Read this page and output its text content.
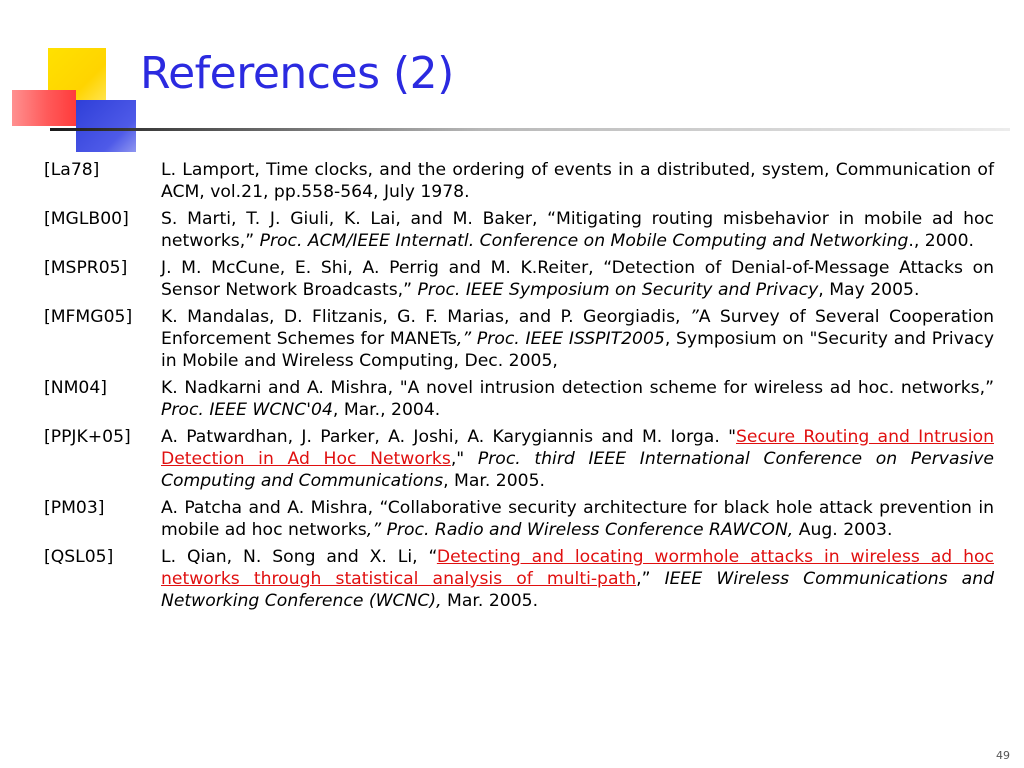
References (2)
[La78]	L. Lamport, Time clocks, and the ordering of events in a distributed, system, Communication of ACM, vol.21, pp.558-564, July 1978.
[MGLB00]	S. Marti, T. J. Giuli, K. Lai, and M. Baker, “Mitigating routing misbehavior in mobile ad hoc networks,” Proc. ACM/IEEE Internatl. Conference on Mobile Computing and Networking., 2000.
[MSPR05]	J. M. McCune, E. Shi, A. Perrig and M. K.Reiter, “Detection of Denial-of-Message Attacks on Sensor Network Broadcasts,” Proc. IEEE Symposium on Security and Privacy, May 2005.
[MFMG05]	K. Mandalas, D. Flitzanis, G. F. Marias, and P. Georgiadis, ”A Survey of Several Cooperation Enforcement Schemes for MANETs,” Proc. IEEE ISSPIT2005, Symposium on "Security and Privacy in Mobile and Wireless Computing, Dec. 2005,
[NM04]	K. Nadkarni and A. Mishra, "A novel intrusion detection scheme for wireless ad hoc. networks,” Proc. IEEE WCNC'04, Mar., 2004.
[PPJK+05]	A. Patwardhan, J. Parker, A. Joshi, A. Karygiannis and M. Iorga. "Secure Routing and Intrusion Detection in Ad Hoc Networks," Proc. third IEEE International Conference on Pervasive Computing and Communications, Mar. 2005.
[PM03]	A. Patcha and A. Mishra, “Collaborative security architecture for black hole attack prevention in mobile ad hoc networks,” Proc. Radio and Wireless Conference RAWCON, Aug. 2003.
[QSL05]	L. Qian, N. Song and X. Li, “Detecting and locating wormhole attacks in wireless ad hoc networks through statistical analysis of multi-path,” IEEE Wireless Communications and Networking Conference (WCNC), Mar. 2005.
49
